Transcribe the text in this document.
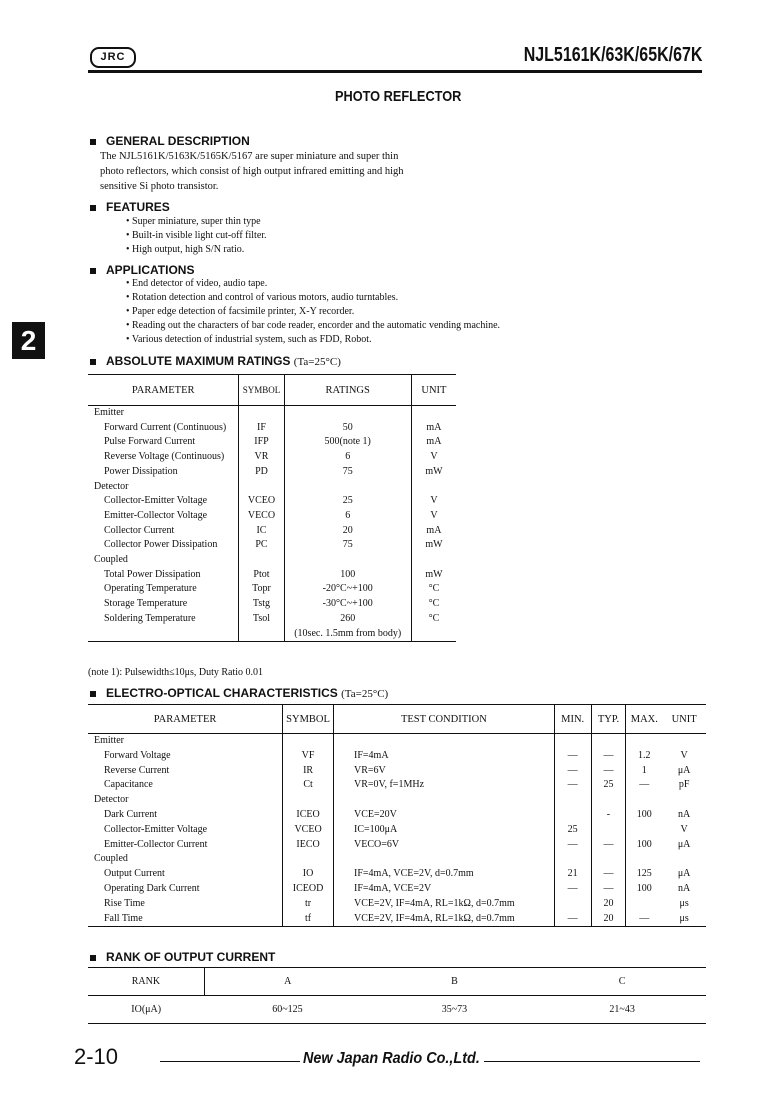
JRC	NJL5161K/63K/65K/67K
PHOTO REFLECTOR
2
GENERAL DESCRIPTION
The NJL5161K/5163K/5165K/5167 are super miniature and super thin
photo reflectors, which consist of high output infrared emitting and high
sensitive Si photo transistor.
FEATURES
• Super miniature, super thin type
• Built-in visible light cut-off filter.
• High output, high S/N ratio.
APPLICATIONS
• End detector of video, audio tape.
• Rotation detection and control of various motors, audio turntables.
• Paper edge detection of facsimile printer, X-Y recorder.
• Reading out the characters of bar code reader, encorder and the automatic vending machine.
• Various detection of industrial system, such as FDD, Robot.
ABSOLUTE MAXIMUM RATINGS (Ta=25°C)
PARAMETER	SYMBOL	RATINGS	UNIT
Emitter			
Forward Current (Continuous)	IF	50	mA
Pulse Forward Current	IFP	500(note 1)	mA
Reverse Voltage (Continuous)	VR	6	V
Power Dissipation	PD	75	mW
Detector			
Collector-Emitter Voltage	VCEO	25	V
Emitter-Collector Voltage	VECO	6	V
Collector Current	IC	20	mA
Collector Power Dissipation	PC	75	mW
Coupled			
Total Power Dissipation	Ptot	100	mW
Operating Temperature	Topr	-20°C~+100	°C
Storage Temperature	Tstg	-30°C~+100	°C
Soldering Temperature	Tsol	260	°C
		(10sec. 1.5mm from body)	
(note 1): Pulsewidth≤10μs, Duty Ratio 0.01
ELECTRO-OPTICAL CHARACTERISTICS (Ta=25°C)
PARAMETER	SYMBOL	TEST CONDITION	MIN.	TYP.	MAX.	UNIT
Emitter						
Forward Voltage	VF	IF=4mA	—	—	1.2	V
Reverse Current	IR	VR=6V	—	—	1	μA
Capacitance	Ct	VR=0V, f=1MHz	—	25	—	pF
Detector						
Dark Current	ICEO	VCE=20V		-	100	nA
Collector-Emitter Voltage	VCEO	IC=100μA	25			V
Emitter-Collector Current	IECO	VECO=6V	—	—	100	μA
Coupled						
Output Current	IO	IF=4mA, VCE=2V, d=0.7mm	21	—	125	μA
Operating Dark Current	ICEOD	IF=4mA, VCE=2V	—	—	100	nA
Rise Time	tr	VCE=2V, IF=4mA, RL=1kΩ, d=0.7mm		20		μs
Fall Time	tf	VCE=2V, IF=4mA, RL=1kΩ, d=0.7mm	—	20	—	μs
RANK OF OUTPUT CURRENT
RANK	A	B	C
IO(μA)	60~125	35~73	21~43
2-10	New Japan Radio Co.,Ltd.
